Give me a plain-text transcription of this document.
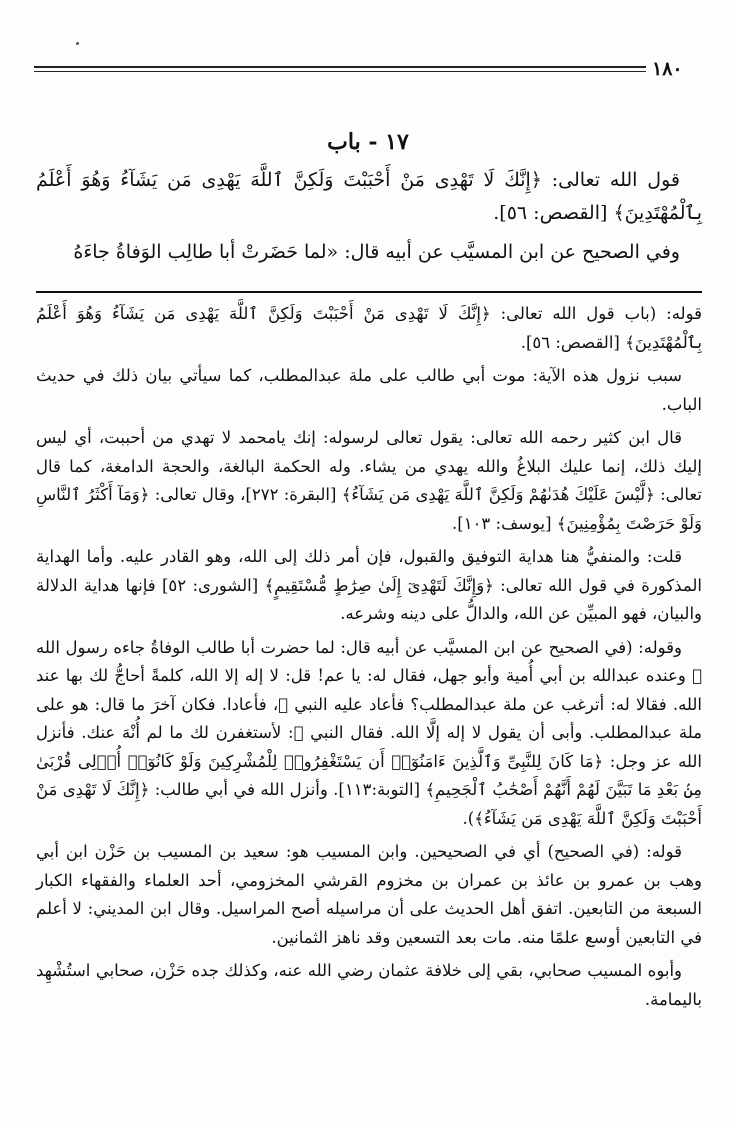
١٨٠
١٧ - باب

قول الله تعالى: ﴿إِنَّكَ لَا تَهْدِى مَنْ أَحْبَبْتَ وَلَكِنَّ ٱللَّهَ يَهْدِى مَن يَشَآءُ وَهُوَ أَعْلَمُ بِٱلْمُهْتَدِينَ﴾ [القصص: ٥٦].

وفي الصحيح عن ابن المسيَّب عن أبيه قال: «لما حَضَرتْ أبا طالِب الوَفاةُ جاءَهُ

قوله: (باب قول الله تعالى: ﴿إِنَّكَ لَا تَهْدِى مَنْ أَحْبَبْتَ وَلَكِنَّ ٱللَّهَ يَهْدِى مَن يَشَآءُ وَهُوَ أَعْلَمُ بِٱلْمُهْتَدِينَ﴾ [القصص: ٥٦].

سبب نزول هذه الآية: موت أبي طالب على ملة عبدالمطلب، كما سيأتي بيان ذلك في حديث الباب.

قال ابن كثير رحمه الله تعالى: يقول تعالى لرسوله: إنك يامحمد لا تهدي من أحببت، أي ليس إليك ذلك، إنما عليك البلاغُ والله يهدي من يشاء. وله الحكمة البالغة، والحجة الدامغة، كما قال تعالى: ﴿لَّيْسَ عَلَيْكَ هُدَىٰهُمْ وَلَكِنَّ ٱللَّهَ يَهْدِى مَن يَشَآءُ﴾ [البقرة: ٢٧٢]، وقال تعالى: ﴿وَمَآ أَكْثَرُ ٱلنَّاسِ وَلَوْ حَرَصْتَ بِمُؤْمِنِينَ﴾ [يوسف: ١٠٣].

قلت: والمنفيُّ هنا هداية التوفيق والقبول، فإن أمر ذلك إلى الله، وهو القادر عليه. وأما الهداية المذكورة في قول الله تعالى: ﴿وَإِنَّكَ لَتَهْدِىٓ إِلَىٰ صِرَٰطٍ مُّسْتَقِيمٍ﴾ [الشورى: ٥٢] فإنها هداية الدلالة والبيان، فهو المبيِّن عن الله، والدالُّ على دينه وشرعه.

وقوله: (في الصحيح عن ابن المسيَّب عن أبيه قال: لما حضرت أبا طالب الوفاةُ جاءه رسول الله ﷺ وعنده عبدالله بن أبي أُمية وأبو جهل، فقال له: يا عم! قل: لا إله إلا الله، كلمةً أحاجُّ لك بها عند الله. فقالا له: أترغب عن ملة عبدالمطلب؟ فأعاد عليه النبي ﷺ، فأعادا. فكان آخرَ ما قال: هو على ملة عبدالمطلب. وأبى أن يقول لا إله إلَّا الله. فقال النبي ﷺ: لأستغفرن لك ما لم أُنْهَ عنك. فأنزل الله عز وجل: ﴿مَا كَانَ لِلنَّبِىِّ وَٱلَّذِينَ ءَامَنُوٓا۟ أَن يَسْتَغْفِرُوا۟ لِلْمُشْرِكِينَ وَلَوْ كَانُوٓا۟ أُو۟لِى قُرْبَىٰ مِنۢ بَعْدِ مَا تَبَيَّنَ لَهُمْ أَنَّهُمْ أَصْحَٰبُ ٱلْجَحِيمِ﴾ [التوبة:١١٣]. وأنزل الله في أبي طالب: ﴿إِنَّكَ لَا تَهْدِى مَنْ أَحْبَبْتَ وَلَكِنَّ ٱللَّهَ يَهْدِى مَن يَشَآءُ﴾).

قوله: (في الصحيح) أي في الصحيحين. وابن المسيب هو: سعيد بن المسيب بن حَزْن ابن أبي وهب بن عمرو بن عائذ بن عمران بن مخزوم القرشي المخزومي، أحد العلماء والفقهاء الكبار السبعة من التابعين. اتفق أهل الحديث على أن مراسيله أصح المراسيل. وقال ابن المديني: لا أعلم في التابعين أوسع علمًا منه. مات بعد التسعين وقد ناهز الثمانين.

وأبوه المسيب صحابي، بقي إلى خلافة عثمان رضي الله عنه، وكذلك جده حَزْن، صحابي استُشْهِد باليمامة.
